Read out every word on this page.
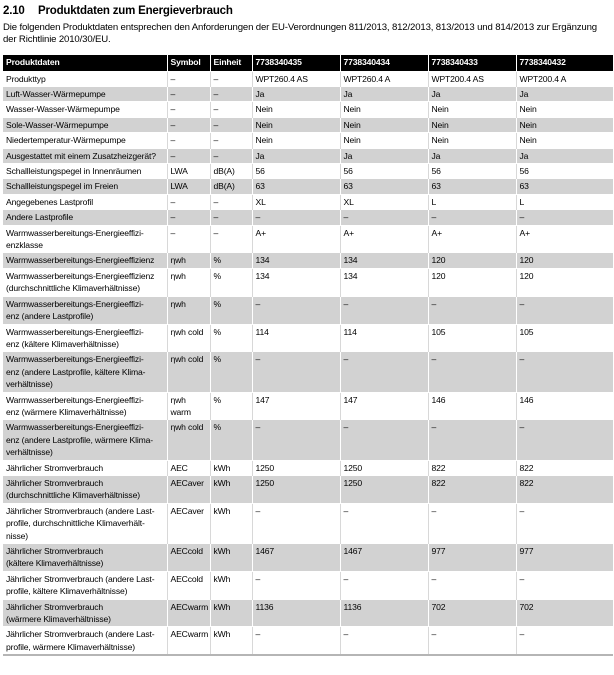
2.10	Produktdaten zum Energieverbrauch

Die folgenden Produktdaten entsprechen den Anforderungen der EU-Verordnungen 811/2013, 812/2013, 813/2013 und 814/2013 zur Ergänzung der Richtlinie 2010/30/EU.

Produktdaten	Symbol	Einheit	7738340435	7738340434	7738340433	7738340432
Produkttyp	–	–	WPT260.4 AS	WPT260.4 A	WPT200.4 AS	WPT200.4 A
Luft-Wasser-Wärmepumpe	–	–	Ja	Ja	Ja	Ja
Wasser-Wasser-Wärmepumpe	–	–	Nein	Nein	Nein	Nein
Sole-Wasser-Wärmepumpe	–	–	Nein	Nein	Nein	Nein
Niedertemperatur-Wärmepumpe	–	–	Nein	Nein	Nein	Nein
Ausgestattet mit einem Zusatzheizgerät?	–	–	Ja	Ja	Ja	Ja
Schallleistungspegel in Innenräumen	LWA	dB(A)	56	56	56	56
Schallleistungspegel im Freien	LWA	dB(A)	63	63	63	63
Angegebenes Lastprofil	–	–	XL	XL	L	L
Andere Lastprofile	–	–	–	–	–	–
Warmwasserbereitungs-Energieeffizi-
enzklasse	–	–	A+	A+	A+	A+
Warmwasserbereitungs-Energieeffizienz	ηwh	%	134	134	120	120
Warmwasserbereitungs-Energieeffizienz
(durchschnittliche Klimaverhältnisse)	ηwh	%	134	134	120	120
Warmwasserbereitungs-Energieeffizi-
enz (andere Lastprofile)	ηwh	%	–	–	–	–
Warmwasserbereitungs-Energieeffizi-
enz (kältere Klimaverhältnisse)	ηwh cold	%	114	114	105	105
Warmwasserbereitungs-Energieeffizi-
enz (andere Lastprofile, kältere Klima-
verhältnisse)	ηwh cold	%	–	–	–	–
Warmwasserbereitungs-Energieeffizi-
enz (wärmere Klimaverhältnisse)	ηwh warm	%	147	147	146	146
Warmwasserbereitungs-Energieeffizi-
enz (andere Lastprofile, wärmere Klima-
verhältnisse)	ηwh cold	%	–	–	–	–
Jährlicher Stromverbrauch	AEC	kWh	1250	1250	822	822
Jährlicher Stromverbrauch
(durchschnittliche Klimaverhältnisse)	AECaver	kWh	1250	1250	822	822
Jährlicher Stromverbrauch (andere Last-
profile, durchschnittliche Klimaverhält-
nisse)	AECaver	kWh	–	–	–	–
Jährlicher Stromverbrauch
(kältere Klimaverhältnisse)	AECcold	kWh	1467	1467	977	977
Jährlicher Stromverbrauch (andere Last-
profile, kältere Klimaverhältnisse)	AECcold	kWh	–	–	–	–
Jährlicher Stromverbrauch
(wärmere Klimaverhältnisse)	AECwarm	kWh	1136	1136	702	702
Jährlicher Stromverbrauch (andere Last-
profile, wärmere Klimaverhältnisse)	AECwarm	kWh	–	–	–	–
